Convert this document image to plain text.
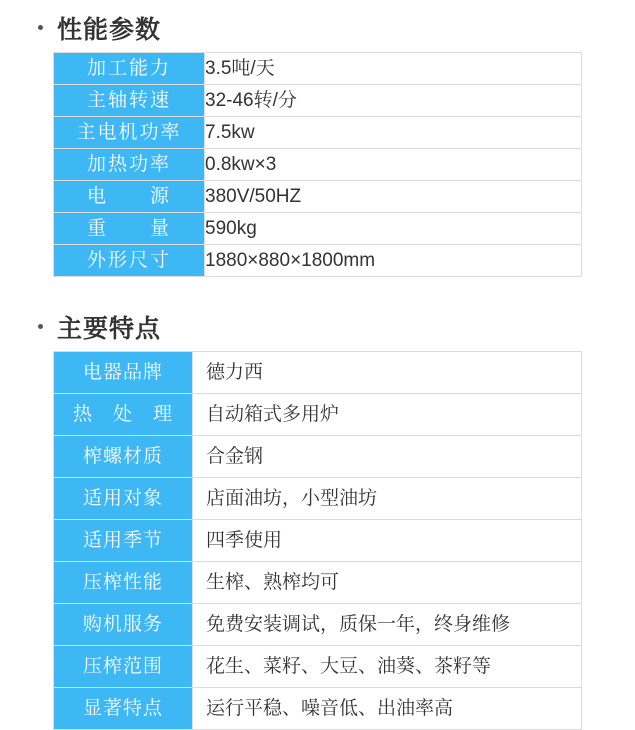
性能参数
加工能力	3.5吨/天
主轴转速	32-46转/分
主电机功率	7.5kw
加热功率	0.8kw×3
电　　源	380V/50HZ
重　　量	590kg
外形尺寸	1880×880×1800mm
主要特点
电器品牌	德力西
热　处　理	自动箱式多用炉
榨螺材质	合金钢
适用对象	店面油坊，小型油坊
适用季节	四季使用
压榨性能	生榨、熟榨均可
购机服务	免费安装调试，质保一年，终身维修
压榨范围	花生、菜籽、大豆、油葵、茶籽等
显著特点	运行平稳、噪音低、出油率高
